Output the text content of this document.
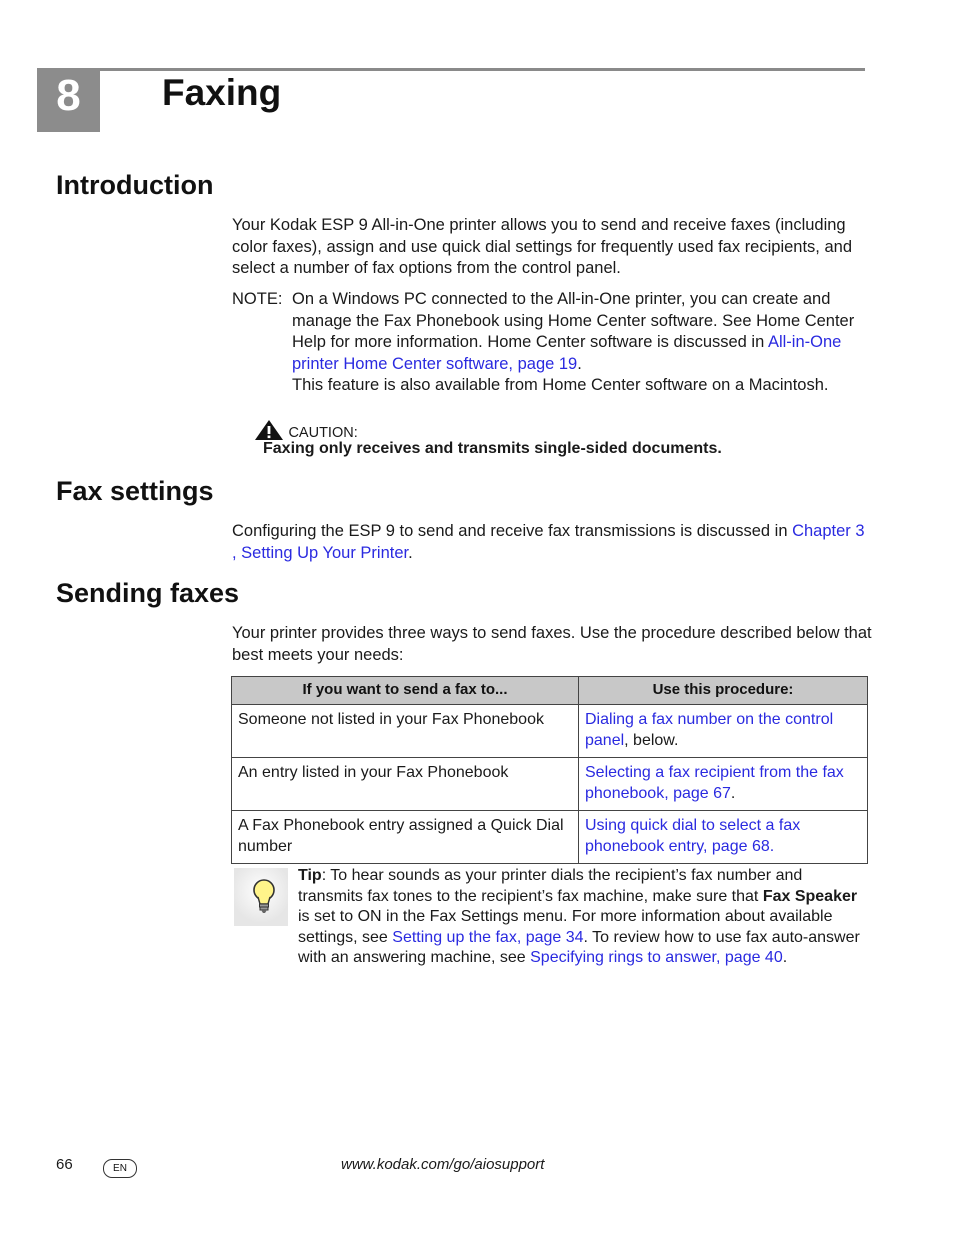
8	Faxing
Introduction
Your Kodak ESP 9 All-in-One printer allows you to send and receive faxes (including color faxes), assign and use quick dial settings for frequently used fax recipients, and select a number of fax options from the control panel.
NOTE: On a Windows PC connected to the All-in-One printer, you can create and manage the Fax Phonebook using Home Center software. See Home Center Help for more information. Home Center software is discussed in All-in-One printer Home Center software, page 19.
This feature is also available from Home Center software on a Macintosh.
CAUTION:
Faxing only receives and transmits single-sided documents.
Fax settings
Configuring the ESP 9 to send and receive fax transmissions is discussed in Chapter 3 , Setting Up Your Printer.
Sending faxes
Your printer provides three ways to send faxes. Use the procedure described below that best meets your needs:
If you want to send a fax to...	Use this procedure:
Someone not listed in your Fax Phonebook	Dialing a fax number on the control panel, below.
An entry listed in your Fax Phonebook	Selecting a fax recipient from the fax phonebook, page 67.
A Fax Phonebook entry assigned a Quick Dial number	Using quick dial to select a fax phonebook entry, page 68.
Tip: To hear sounds as your printer dials the recipient’s fax number and transmits fax tones to the recipient’s fax machine, make sure that Fax Speaker is set to ON in the Fax Settings menu. For more information about available settings, see Setting up the fax, page 34. To review how to use fax auto-answer with an answering machine, see Specifying rings to answer, page 40.
66	EN	www.kodak.com/go/aiosupport
